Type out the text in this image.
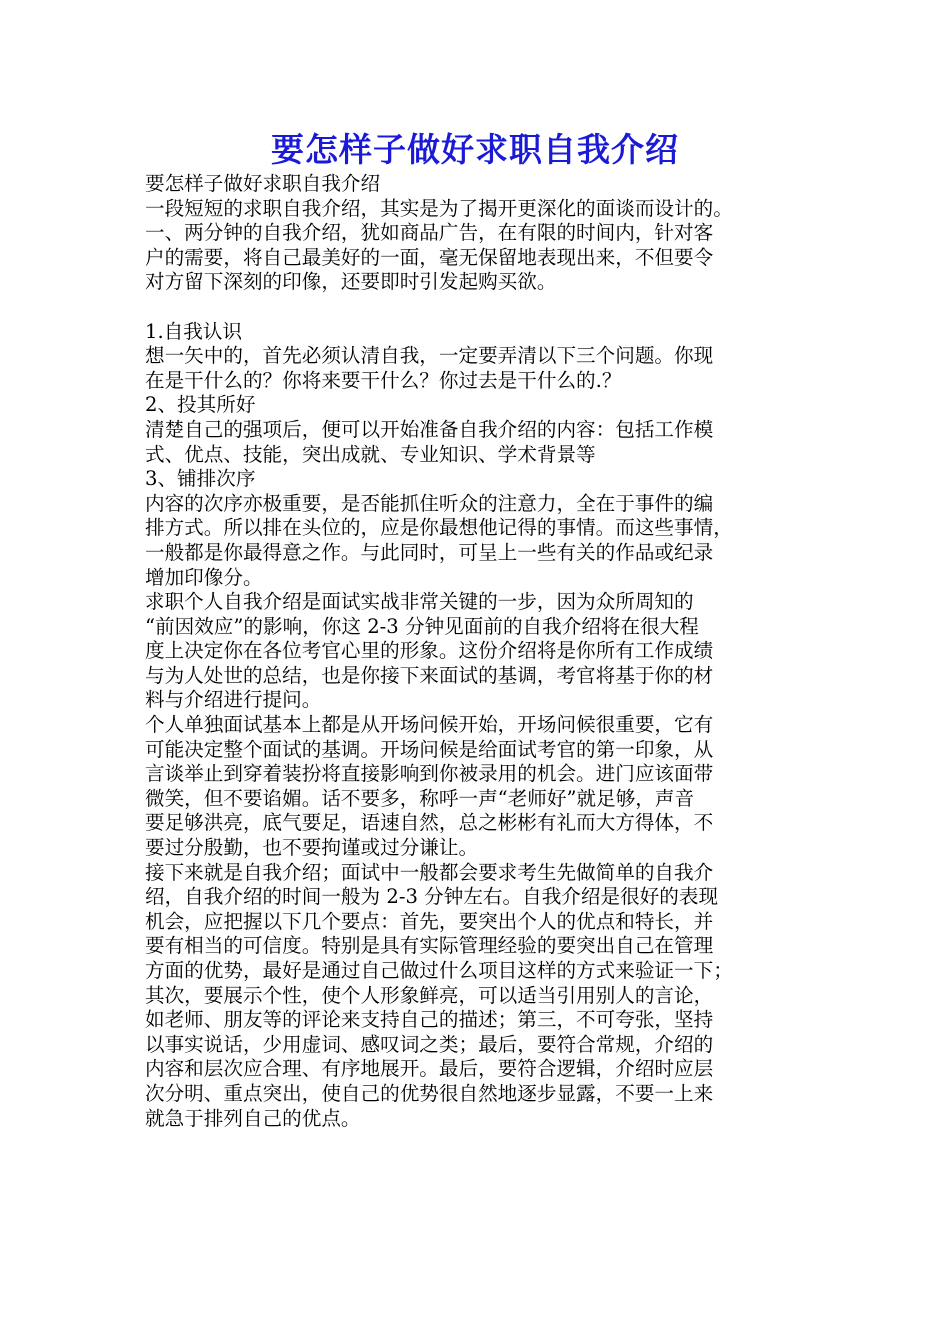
要怎样子做好求职自我介绍
要怎样子做好求职自我介绍
一段短短的求职自我介绍，其实是为了揭开更深化的面谈而设计的。
一、两分钟的自我介绍，犹如商品广告，在有限的时间内，针对客
户的需要，将自己最美好的一面，毫无保留地表现出来，不但要令
对方留下深刻的印像，还要即时引发起购买欲。
1.自我认识
想一矢中的，首先必须认清自我，一定要弄清以下三个问题。你现
在是干什么的？你将来要干什么？你过去是干什么的.？
2、投其所好
清楚自己的强项后，便可以开始准备自我介绍的内容：包括工作模
式、优点、技能，突出成就、专业知识、学术背景等
3、铺排次序
内容的次序亦极重要，是否能抓住听众的注意力，全在于事件的编
排方式。所以排在头位的，应是你最想他记得的事情。而这些事情，
一般都是你最得意之作。与此同时，可呈上一些有关的作品或纪录
增加印像分。
求职个人自我介绍是面试实战非常关键的一步，因为众所周知的
“前因效应”的影响，你这 2-3 分钟见面前的自我介绍将在很大程
度上决定你在各位考官心里的形象。这份介绍将是你所有工作成绩
与为人处世的总结，也是你接下来面试的基调，考官将基于你的材
料与介绍进行提问。
个人单独面试基本上都是从开场问候开始，开场问候很重要，它有
可能决定整个面试的基调。开场问候是给面试考官的第一印象，从
言谈举止到穿着装扮将直接影响到你被录用的机会。进门应该面带
微笑，但不要谄媚。话不要多，称呼一声“老师好”就足够，声音
要足够洪亮，底气要足，语速自然，总之彬彬有礼而大方得体，不
要过分殷勤，也不要拘谨或过分谦让。
接下来就是自我介绍；面试中一般都会要求考生先做简单的自我介
绍，自我介绍的时间一般为 2-3 分钟左右。自我介绍是很好的表现
机会，应把握以下几个要点：首先，要突出个人的优点和特长，并
要有相当的可信度。特别是具有实际管理经验的要突出自己在管理
方面的优势，最好是通过自己做过什么项目这样的方式来验证一下；
其次，要展示个性，使个人形象鲜亮，可以适当引用别人的言论，
如老师、朋友等的评论来支持自己的描述；第三，不可夸张，坚持
以事实说话，少用虚词、感叹词之类；最后，要符合常规，介绍的
内容和层次应合理、有序地展开。最后，要符合逻辑，介绍时应层
次分明、重点突出，使自己的优势很自然地逐步显露，不要一上来
就急于排列自己的优点。
